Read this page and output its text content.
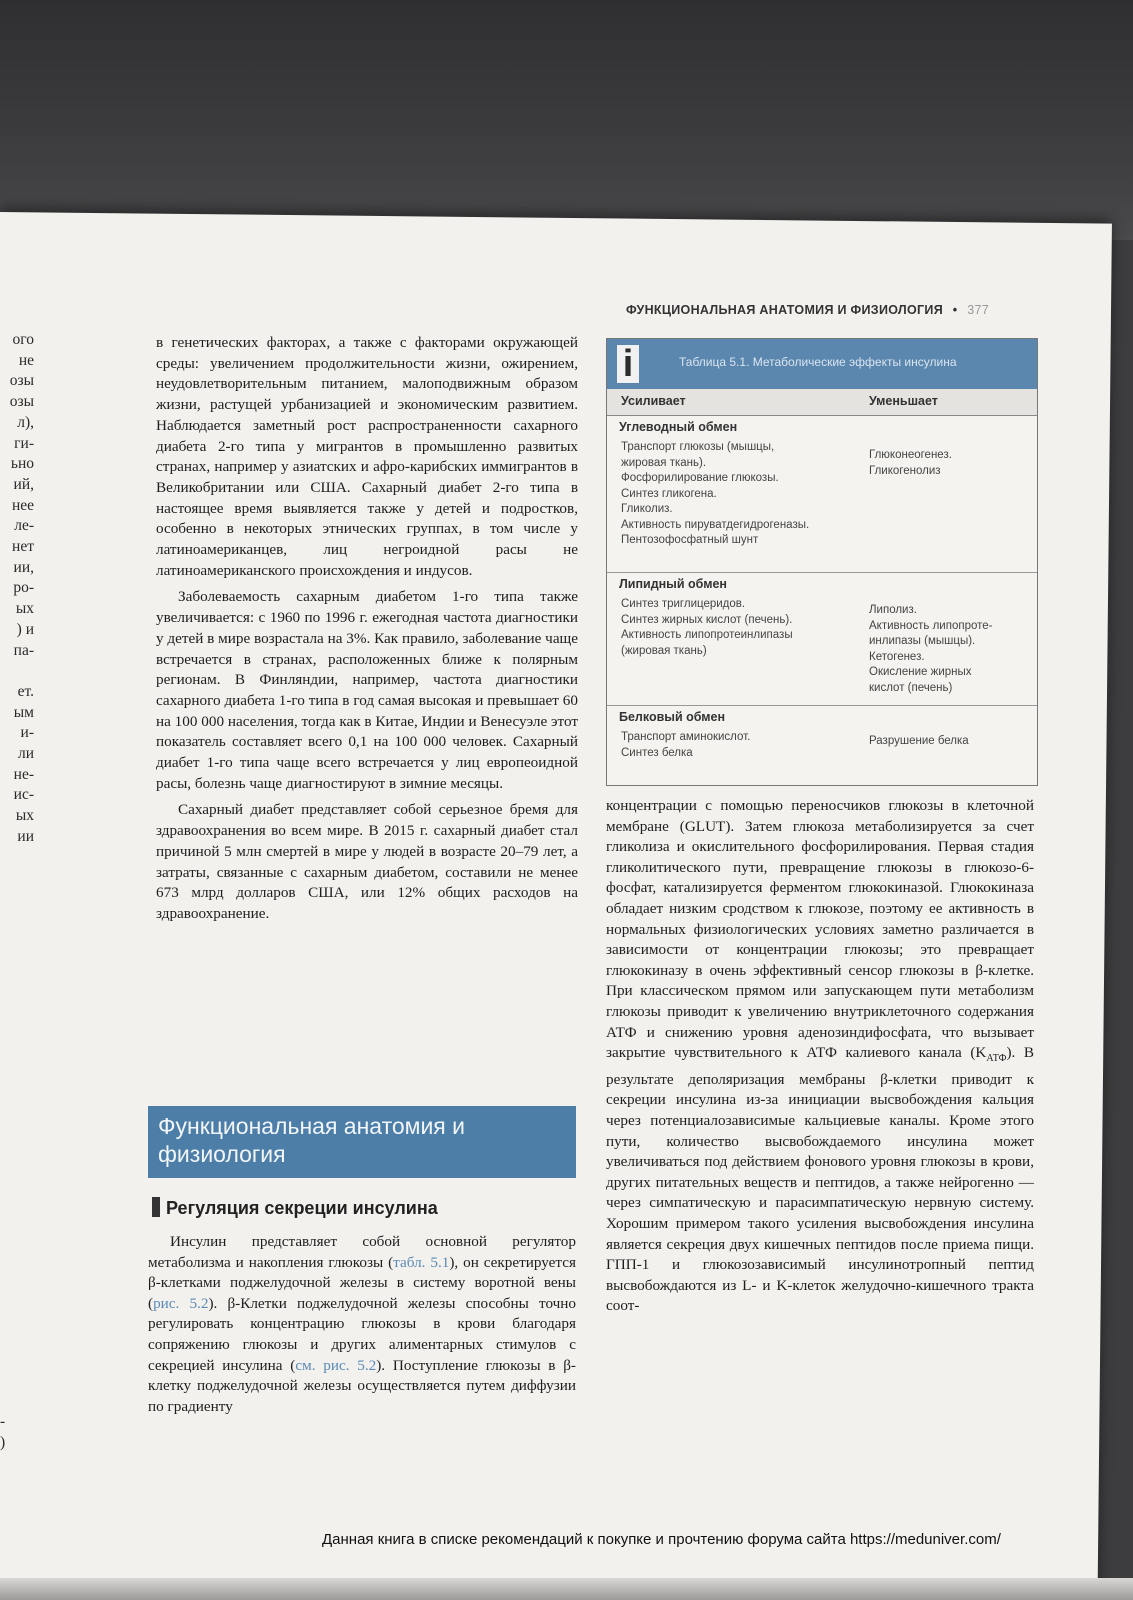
ого
не
озы
озы
л),
ги-
ьно
ий,
нее
ле-
нет
ии,
ро-
ых
) и
па-

ет.
ым
и-
ли
не-
ис-
ых
ии
-
)
ФУНКЦИОНАЛЬНАЯ АНАТОМИЯ И ФИЗИОЛОГИЯ • 377

в генетических факторах, а также с факторами окружающей среды: увеличением продолжительности жизни, ожирением, неудовлетворительным питанием, малоподвижным образом жизни, растущей урбанизацией и экономическим развитием. Наблюдается заметный рост распространенности сахарного диабета 2-го типа у мигрантов в промышленно развитых странах, например у азиатских и афро-карибских иммигрантов в Великобритании или США. Сахарный диабет 2-го типа в настоящее время выявляется также у детей и подростков, особенно в некоторых этнических группах, в том числе у латиноамериканцев, лиц негроидной расы не латиноамериканского происхождения и индусов.

Заболеваемость сахарным диабетом 1-го типа также увеличивается: с 1960 по 1996 г. ежегодная частота диагностики у детей в мире возрастала на 3%. Как правило, заболевание чаще встречается в странах, расположенных ближе к полярным регионам. В Финляндии, например, частота диагностики сахарного диабета 1-го типа в год самая высокая и превышает 60 на 100 000 населения, тогда как в Китае, Индии и Венесуэле этот показатель составляет всего 0,1 на 100 000 человек. Сахарный диабет 1-го типа чаще всего встречается у лиц европеоидной расы, болезнь чаще диагностируют в зимние месяцы.

Сахарный диабет представляет собой серьезное бремя для здравоохранения во всем мире. В 2015 г. сахарный диабет стал причиной 5 млн смертей в мире у людей в возрасте 20–79 лет, а затраты, связанные с сахарным диабетом, составили не менее 673 млрд долларов США, или 12% общих расходов на здравоохранение.

Функциональная анатомия и физиология
Регуляция секреции инсулина

Инсулин представляет собой основной регулятор метаболизма и накопления глюкозы (табл. 5.1), он секретируется β-клетками поджелудочной железы в систему воротной вены (рис. 5.2). β-Клетки поджелудочной железы способны точно регулировать концентрацию глюкозы в крови благодаря сопряжению глюкозы и других алиментарных стимулов с секрецией инсулина (см. рис. 5.2). Поступление глюкозы в β-клетку поджелудочной железы осуществляется путем диффузии по градиенту

i	Таблица 5.1. Метаболические эффекты инсулина
Усиливает	Уменьшает
Углеводный обмен
Транспорт глюкозы (мышцы,
жировая ткань).
Фосфорилирование глюкозы.
Синтез гликогена.
Гликолиз.
Активность пируватдегидрогеназы.
Пентозофосфатный шунт
Глюконеогенез.
Гликогенолиз
Липидный обмен
Синтез триглицеридов.
Синтез жирных кислот (печень).
Активность липопротеинлипазы
(жировая ткань)
Липолиз.
Активность липопроте-
инлипазы (мышцы).
Кетогенез.
Окисление жирных
кислот (печень)
Белковый обмен
Транспорт аминокислот.
Синтез белка
Разрушение белка

концентрации с помощью переносчиков глюкозы в клеточной мембране (GLUT). Затем глюкоза метаболизируется за счет гликолиза и окислительного фосфорилирования. Первая стадия гликолитического пути, превращение глюкозы в глюкозо-6-фосфат, катализируется ферментом глюкокиназой. Глюкокиназа обладает низким сродством к глюкозе, поэтому ее активность в нормальных физиологических условиях заметно различается в зависимости от концентрации глюкозы; это превращает глюкокиназу в очень эффективный сенсор глюкозы в β-клетке. При классическом прямом или запускающем пути метаболизм глюкозы приводит к увеличению внутриклеточного содержания АТФ и снижению уровня аденозиндифосфата, что вызывает закрытие чувствительного к АТФ калиевого канала $(K_{АТФ})$. В результате деполяризация мембраны β-клетки приводит к секреции инсулина из-за инициации высвобождения кальция через потенциалозависимые кальциевые каналы. Кроме этого пути, количество высвобождаемого инсулина может увеличиваться под действием фонового уровня глюкозы в крови, других питательных веществ и пептидов, а также нейрогенно — через симпатическую и парасимпатическую нервную систему. Хорошим примером такого усиления высвобождения инсулина является секреция двух кишечных пептидов после приема пищи. ГПП-1 и глюкозозависимый инсулинотропный пептид высвобождаются из L- и K-клеток желудочно-кишечного тракта соот-

Данная книга в списке рекомендаций к покупке и прочтению форума сайта https://meduniver.com/
